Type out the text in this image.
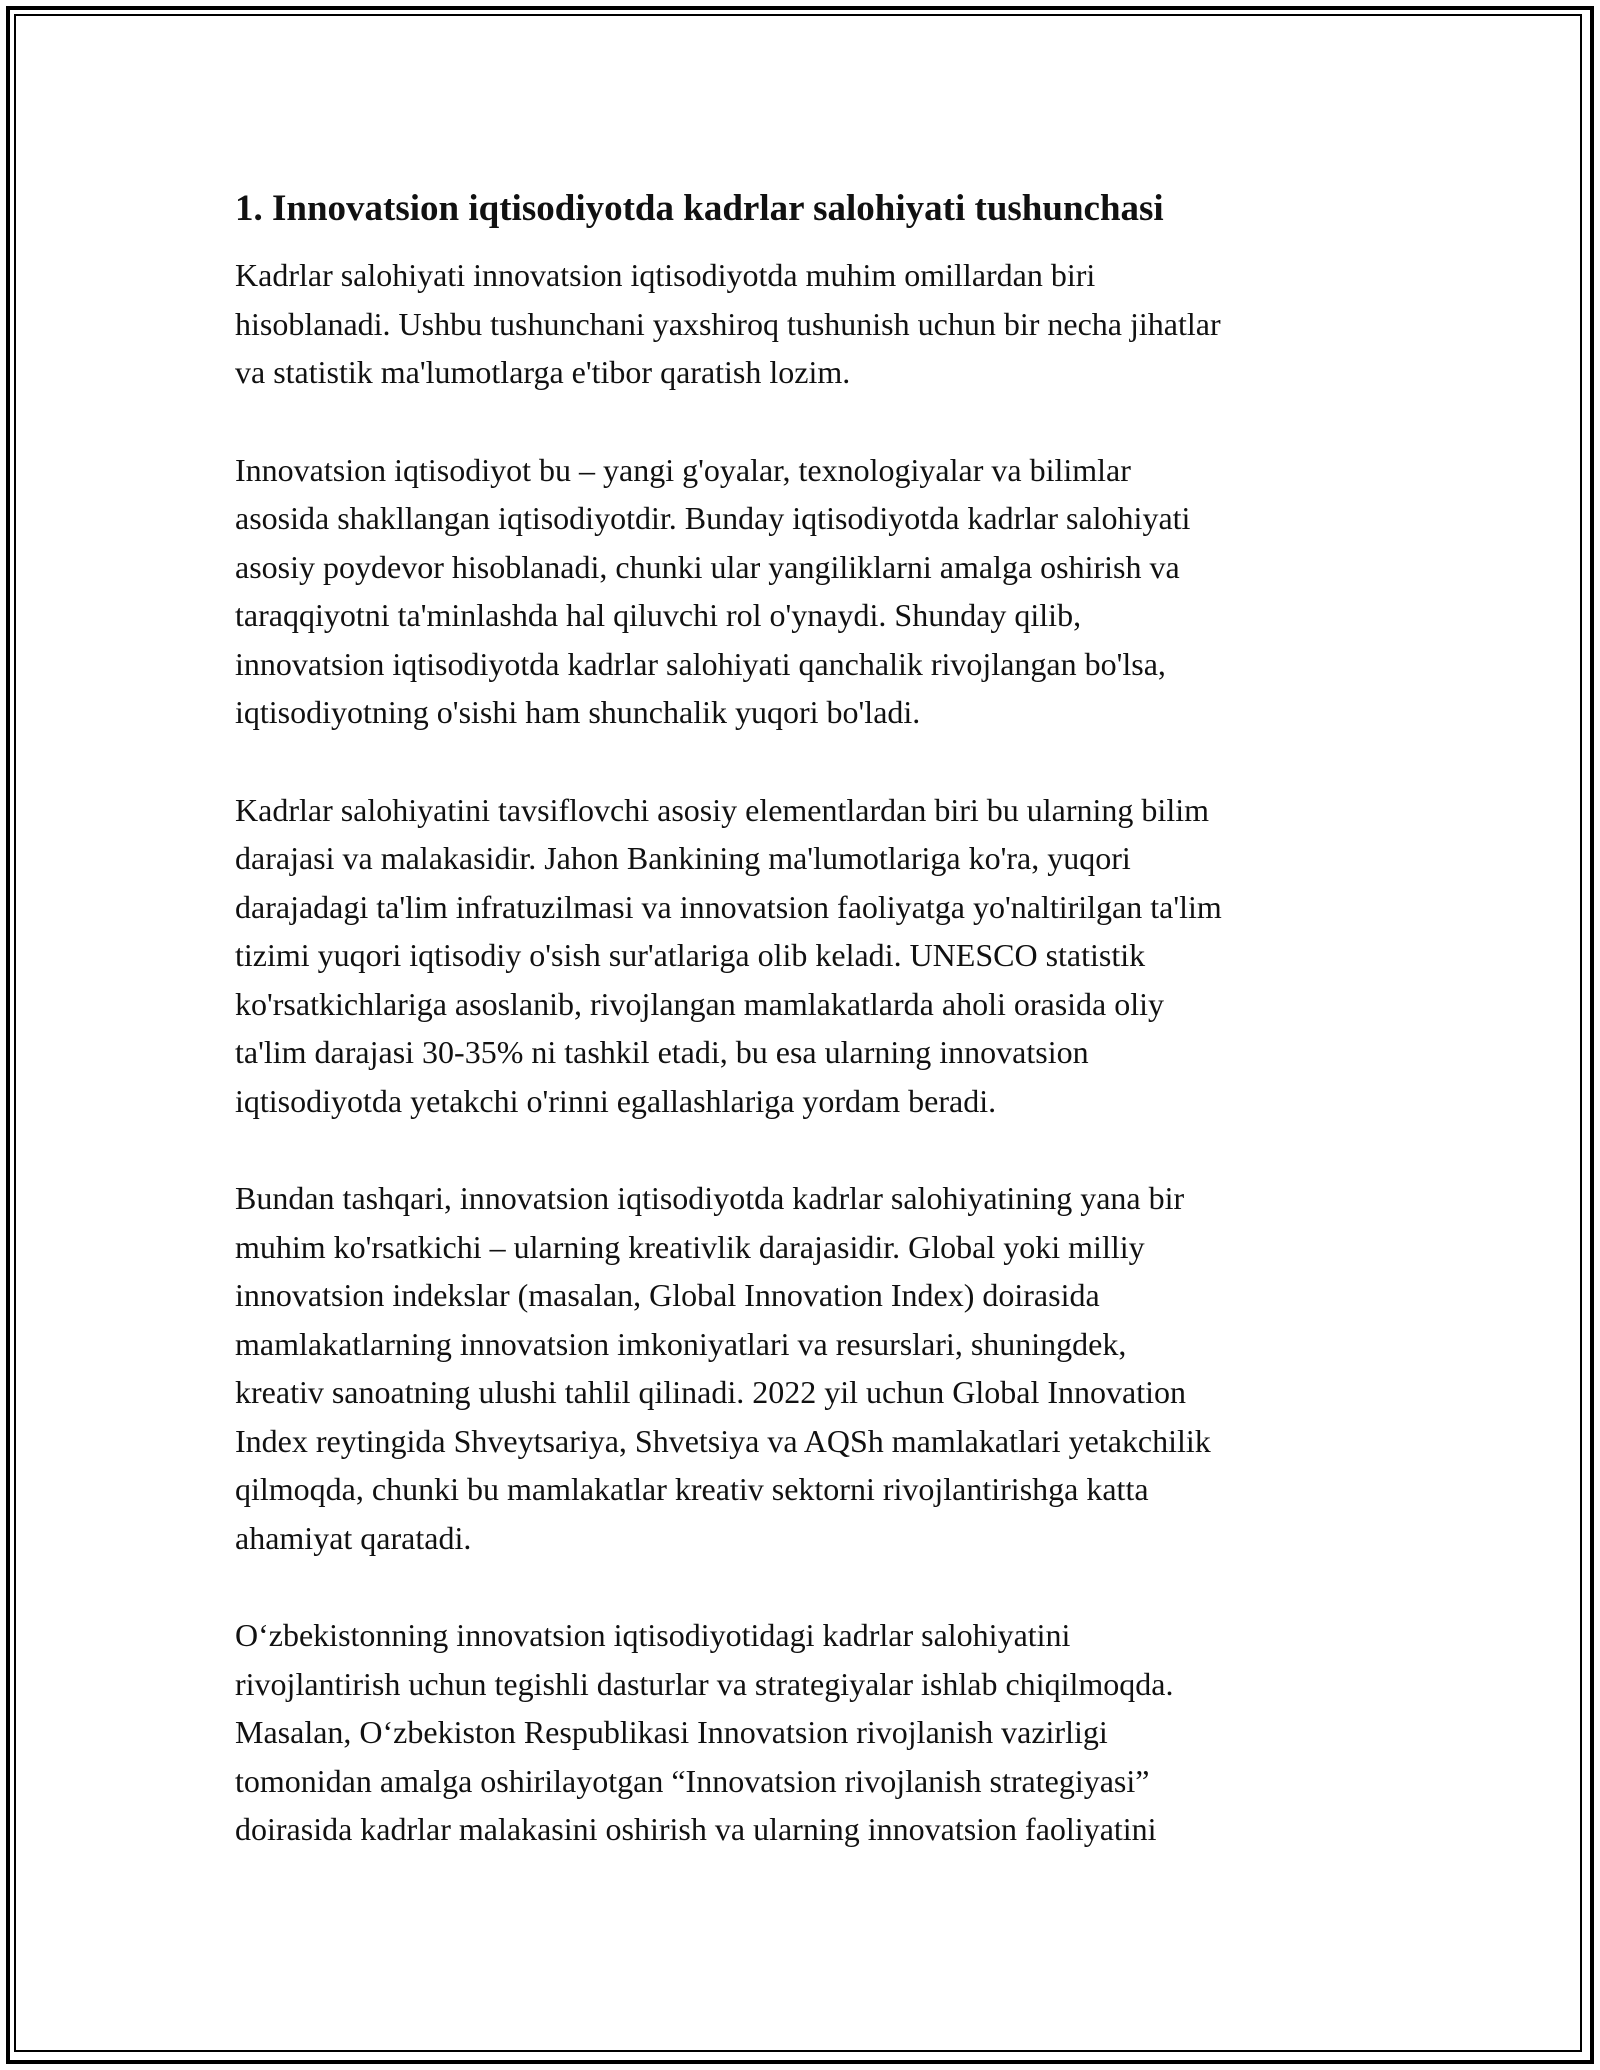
1. Innovatsion iqtisodiyotda kadrlar salohiyati tushunchasi

Kadrlar salohiyati innovatsion iqtisodiyotda muhim omillardan biri
hisoblanadi. Ushbu tushunchani yaxshiroq tushunish uchun bir necha jihatlar
va statistik ma'lumotlarga e'tibor qaratish lozim.

Innovatsion iqtisodiyot bu – yangi g'oyalar, texnologiyalar va bilimlar
asosida shakllangan iqtisodiyotdir. Bunday iqtisodiyotda kadrlar salohiyati
asosiy poydevor hisoblanadi, chunki ular yangiliklarni amalga oshirish va
taraqqiyotni ta'minlashda hal qiluvchi rol o'ynaydi. Shunday qilib,
innovatsion iqtisodiyotda kadrlar salohiyati qanchalik rivojlangan bo'lsa,
iqtisodiyotning o'sishi ham shunchalik yuqori bo'ladi.

Kadrlar salohiyatini tavsiflovchi asosiy elementlardan biri bu ularning bilim
darajasi va malakasidir. Jahon Bankining ma'lumotlariga ko'ra, yuqori
darajadagi ta'lim infratuzilmasi va innovatsion faoliyatga yo'naltirilgan ta'lim
tizimi yuqori iqtisodiy o'sish sur'atlariga olib keladi. UNESCO statistik
ko'rsatkichlariga asoslanib, rivojlangan mamlakatlarda aholi orasida oliy
ta'lim darajasi 30-35% ni tashkil etadi, bu esa ularning innovatsion
iqtisodiyotda yetakchi o'rinni egallashlariga yordam beradi.

Bundan tashqari, innovatsion iqtisodiyotda kadrlar salohiyatining yana bir
muhim ko'rsatkichi – ularning kreativlik darajasidir. Global yoki milliy
innovatsion indekslar (masalan, Global Innovation Index) doirasida
mamlakatlarning innovatsion imkoniyatlari va resurslari, shuningdek,
kreativ sanoatning ulushi tahlil qilinadi. 2022 yil uchun Global Innovation
Index reytingida Shveytsariya, Shvetsiya va AQSh mamlakatlari yetakchilik
qilmoqda, chunki bu mamlakatlar kreativ sektorni rivojlantirishga katta
ahamiyat qaratadi.

O‘zbekistonning innovatsion iqtisodiyotidagi kadrlar salohiyatini
rivojlantirish uchun tegishli dasturlar va strategiyalar ishlab chiqilmoqda.
Masalan, O‘zbekiston Respublikasi Innovatsion rivojlanish vazirligi
tomonidan amalga oshirilayotgan “Innovatsion rivojlanish strategiyasi”
doirasida kadrlar malakasini oshirish va ularning innovatsion faoliyatini
